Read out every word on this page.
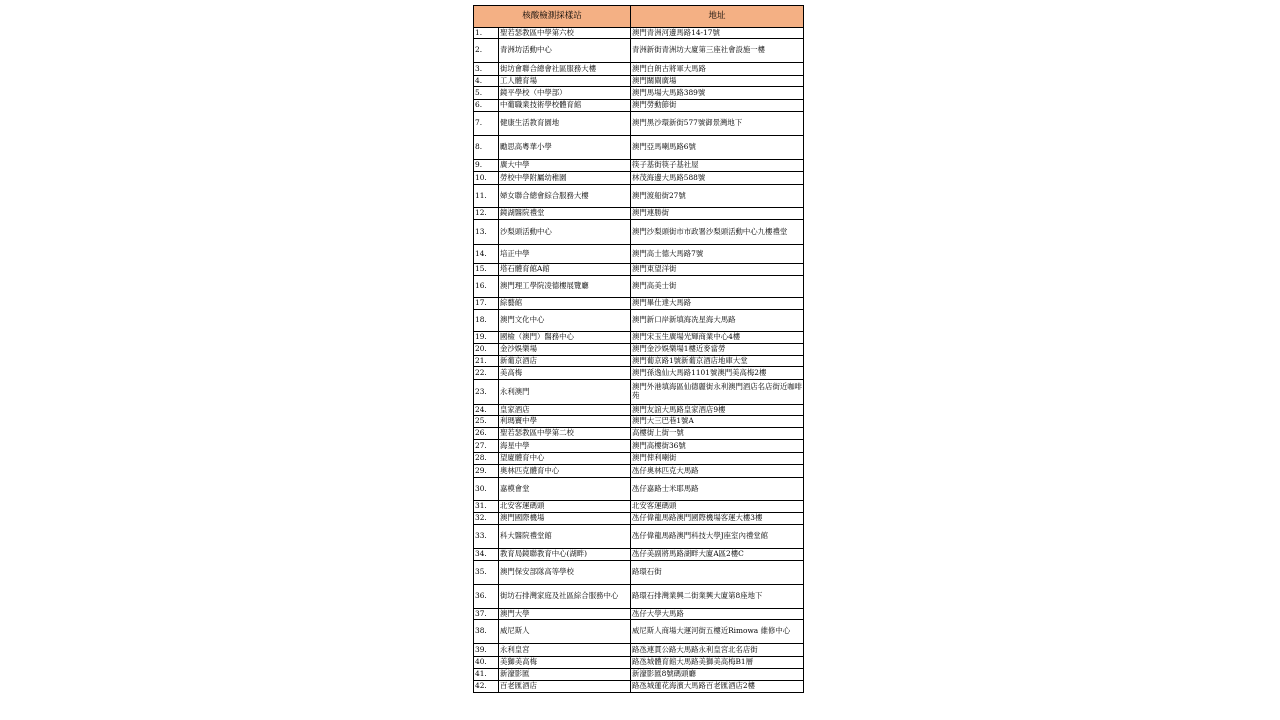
核酸檢測採樣站		地址
1.	聖若瑟教區中學第六校	澳門青洲河邊馬路14-17號
2.	青洲坊活動中心	青洲新街青洲坊大廈第三座社會設施一樓
3.	街坊會聯合總會社區服務大樓	澳門白朗古將軍大馬路
4.	工人體育場	澳門關閘廣場
5.	鏡平學校（中學部）	澳門馬場大馬路389號
6.	中葡職業技術學校體育館	澳門勞動節街
7.	健康生活教育園地	澳門黑沙環新街577號御景灣地下
8.	勵思高粵華小學	澳門亞馬喇馬路6號
9.	廣大中學	筷子基街筷子基社屋
10.	勞校中學附屬幼稚園	林茂海邊大馬路588號
11.	婦女聯合總會綜合服務大樓	澳門渡船街27號
12.	鏡湖醫院禮堂	澳門連勝街
13.	沙梨頭活動中心	澳門沙梨頭街市市政署沙梨頭活動中心九樓禮堂
14.	培正中學	澳門高士德大馬路7號
15.	塔石體育館A館	澳門東望洋街
16.	澳門理工學院凌德樓展覽廳	澳門高美士街
17.	綜藝館	澳門畢仕達大馬路
18.	澳門文化中心	澳門新口岸新填海冼星海大馬路
19.	國檢（澳門）醫務中心	澳門宋玉生廣場光輝商業中心4樓
20.	金沙娛樂場	澳門金沙娛樂場1樓近麥當勞
21.	新葡京酒店	澳門葡京路1號新葡京酒店地庫大堂
22.	美高梅	澳門孫逸仙大馬路1101號澳門美高梅2樓
23.	永利澳門	澳門外港填海區仙德麗街永利澳門酒店名店街近咖啡苑
24.	皇家酒店	澳門友誼大馬路皇家酒店9樓
25.	利瑪竇中學	澳門大三巴巷1號A
26.	聖若瑟教區中學第二校	高樓街上街一號
27.	海星中學	澳門高樓街36號
28.	望廈體育中心	澳門俾利喇街
29.	奧林匹克體育中心	氹仔奧林匹克大馬路
30.	嘉模會堂	氹仔嘉路士米耶馬路
31.	北安客運碼頭	北安客運碼頭
32.	澳門國際機場	氹仔偉龍馬路澳門國際機場客運大樓3樓
33.	科大醫院禮堂館	氹仔偉龍馬路澳門科技大學J座室內禮堂館
34.	教育局鏡聯教育中心(湖畔)	氹仔美副將馬路湖畔大廈A區2樓C
35.	澳門保安部隊高等學校	路環石街
36.	街坊石排灣家庭及社區綜合服務中心	路環石排灣業興二街業興大廈第8座地下
37.	澳門大學	氹仔大學大馬路
38.	威尼斯人	威尼斯人商場大運河街五樓近Rimowa 維修中心
39.	永利皇宮	路氹連貫公路大馬路永利皇宮北名店街
40.	美獅美高梅	路氹城體育館大馬路美獅美高梅B1層
41.	新濠影匯	新濠影匯8號碼頭廳
42.	百老匯酒店	路氹城蓮花海濱大馬路百老匯酒店2樓
